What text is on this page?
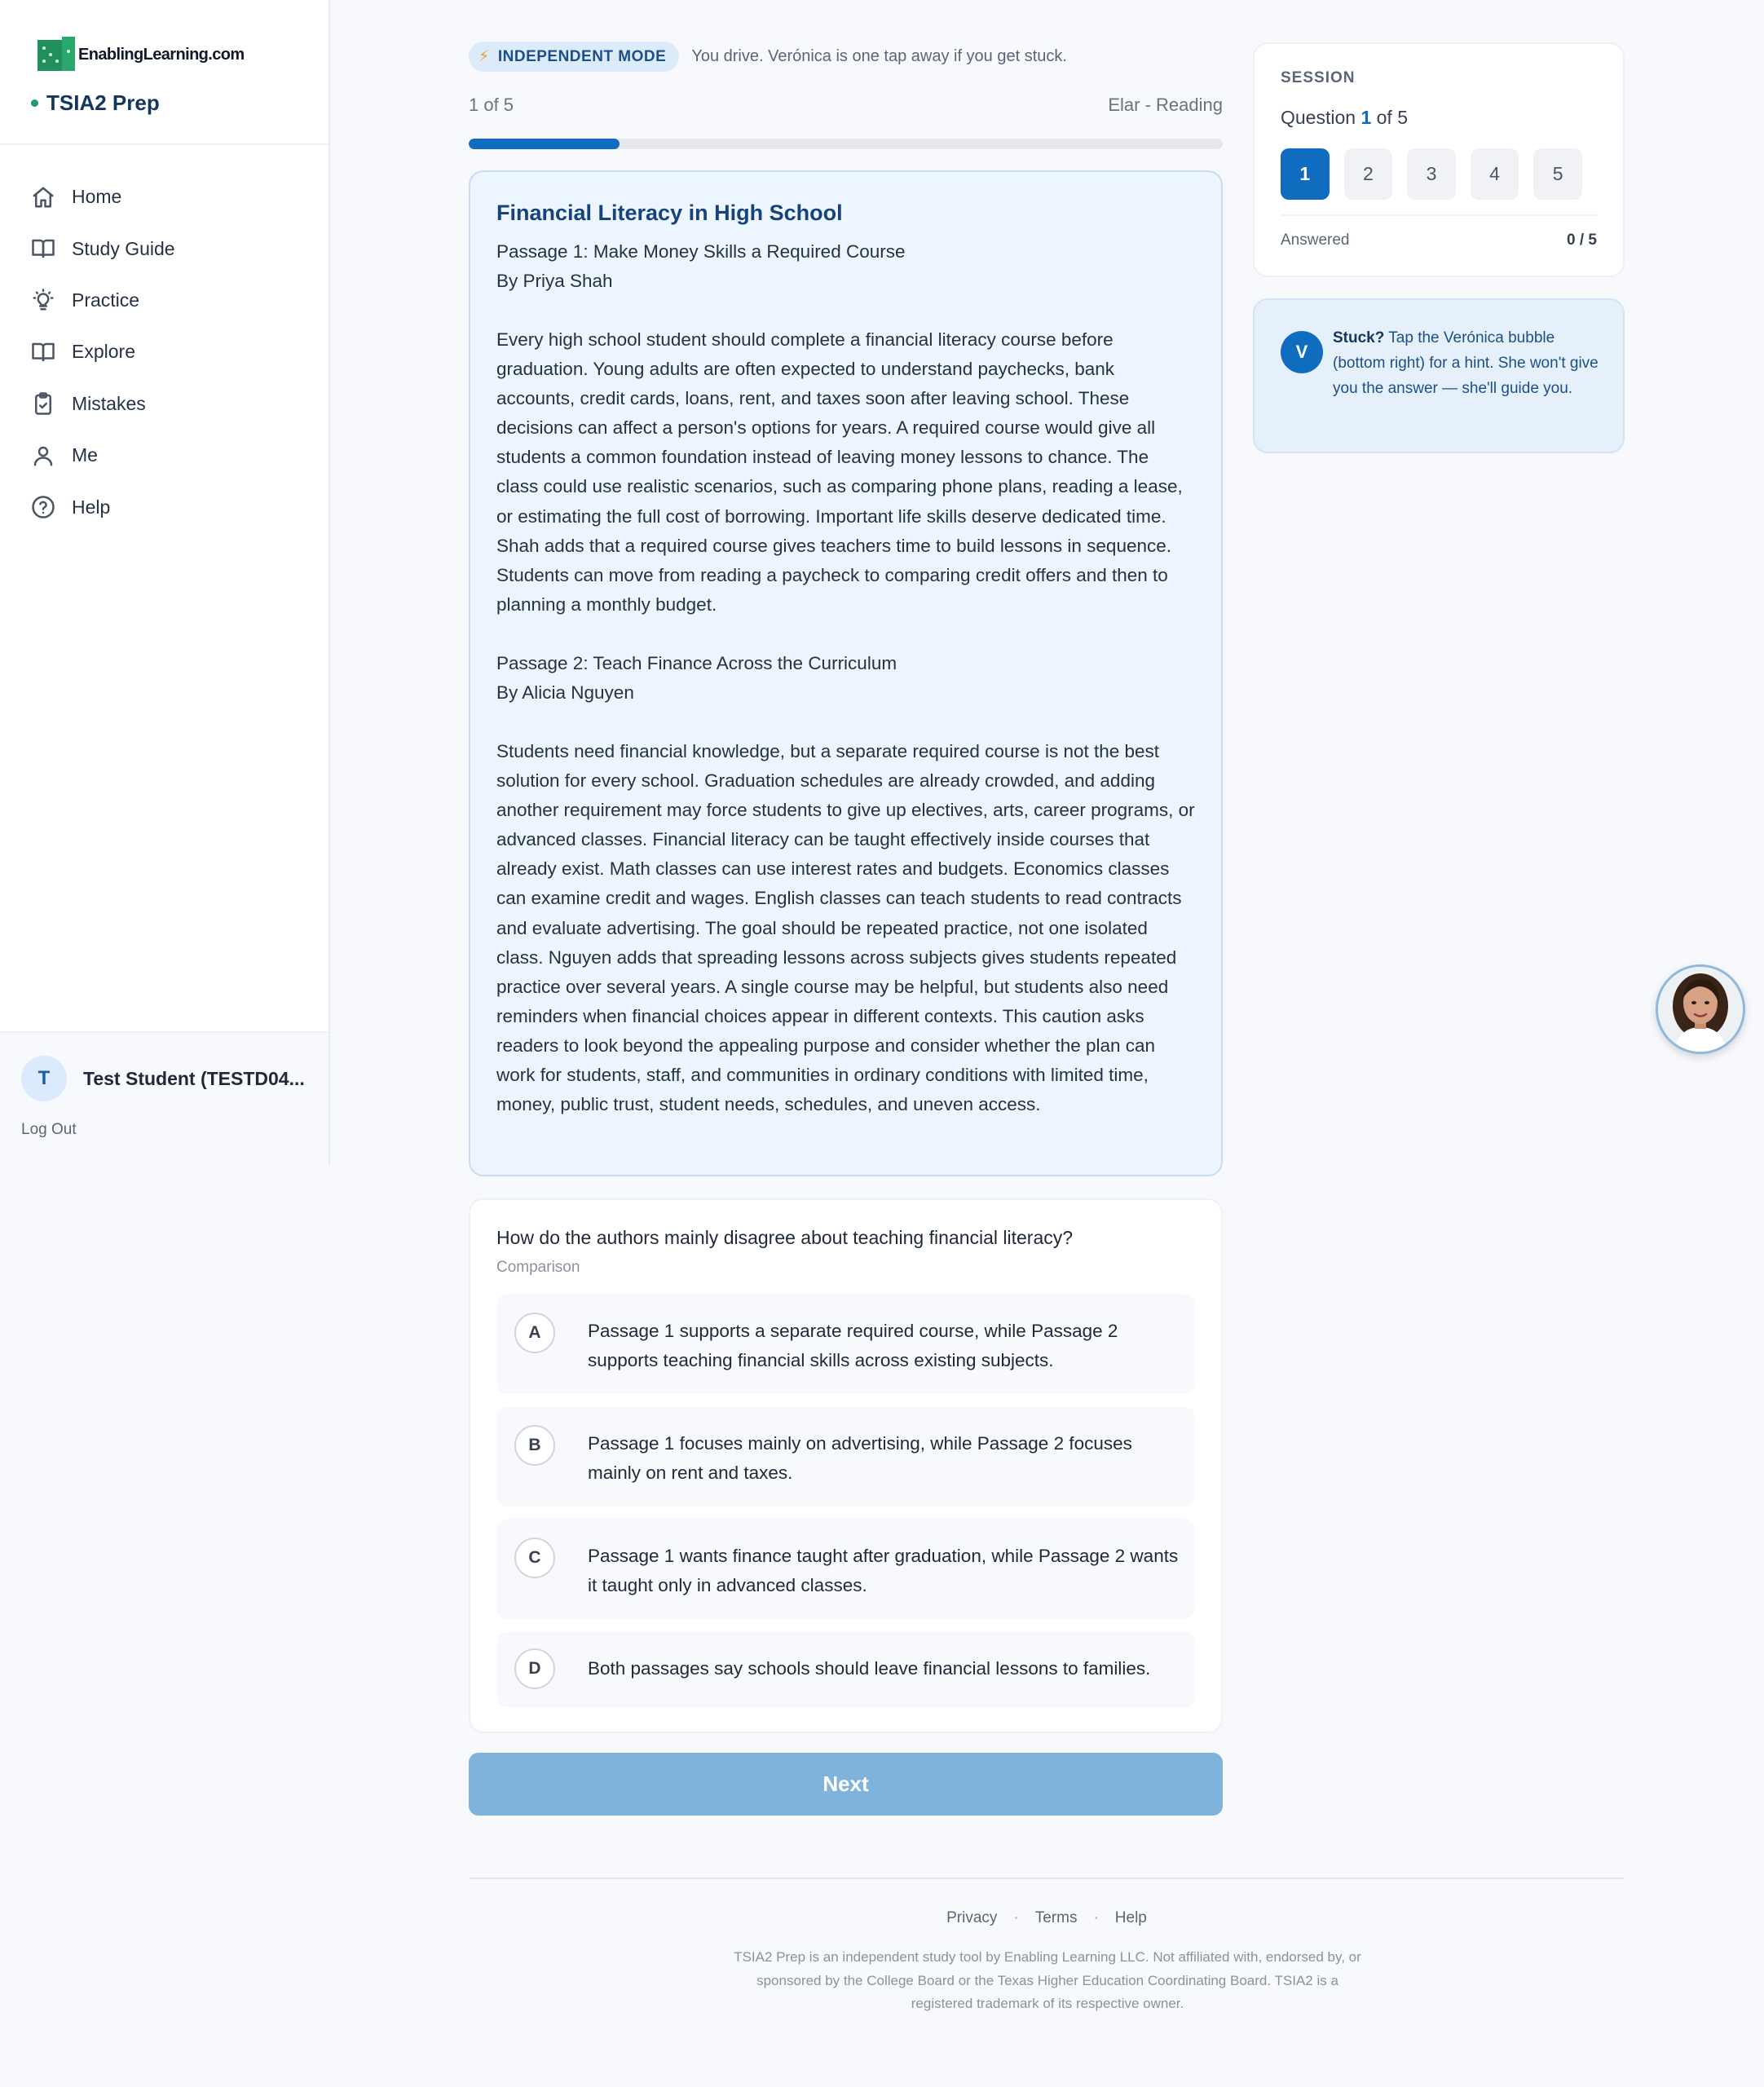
EnablingLearning.com
TSIA2 Prep
Home
Study Guide
Practice
Explore
Mistakes
Me
Help
T	Test Student (TESTD04...
Log Out
⚡ INDEPENDENT MODE You drive. Verónica is one tap away if you get stuck.
1 of 5	Elar - Reading
Financial Literacy in High School
Passage 1: Make Money Skills a Required Course
By Priya Shah

Every high school student should complete a financial literacy course before graduation. Young adults are often expected to understand paychecks, bank accounts, credit cards, loans, rent, and taxes soon after leaving school. These decisions can affect a person's options for years. A required course would give all students a common foundation instead of leaving money lessons to chance. The class could use realistic scenarios, such as comparing phone plans, reading a lease, or estimating the full cost of borrowing. Important life skills deserve dedicated time. Shah adds that a required course gives teachers time to build lessons in sequence. Students can move from reading a paycheck to comparing credit offers and then to planning a monthly budget.

Passage 2: Teach Finance Across the Curriculum
By Alicia Nguyen

Students need financial knowledge, but a separate required course is not the best solution for every school. Graduation schedules are already crowded, and adding another requirement may force students to give up electives, arts, career programs, or advanced classes. Financial literacy can be taught effectively inside courses that already exist. Math classes can use interest rates and budgets. Economics classes can examine credit and wages. English classes can teach students to read contracts and evaluate advertising. The goal should be repeated practice, not one isolated class. Nguyen adds that spreading lessons across subjects gives students repeated practice over several years. A single course may be helpful, but students also need reminders when financial choices appear in different contexts. This caution asks readers to look beyond the appealing purpose and consider whether the plan can work for students, staff, and communities in ordinary conditions with limited time, money, public trust, student needs, schedules, and uneven access.

How do the authors mainly disagree about teaching financial literacy?
Comparison
A	Passage 1 supports a separate required course, while Passage 2 supports teaching financial skills across existing subjects.
B	Passage 1 focuses mainly on advertising, while Passage 2 focuses mainly on rent and taxes.
C	Passage 1 wants finance taught after graduation, while Passage 2 wants it taught only in advanced classes.
D	Both passages say schools should leave financial lessons to families.
Next
SESSION
Question 1 of 5
1	2	3	4	5
Answered	0 / 5
V

Stuck? Tap the Verónica bubble (bottom right) for a hint. She won't give you the answer — she'll guide you.

Privacy · Terms · Help

TSIA2 Prep is an independent study tool by Enabling Learning LLC. Not affiliated with, endorsed by, or sponsored by the College Board or the Texas Higher Education Coordinating Board. TSIA2 is a registered trademark of its respective owner.
